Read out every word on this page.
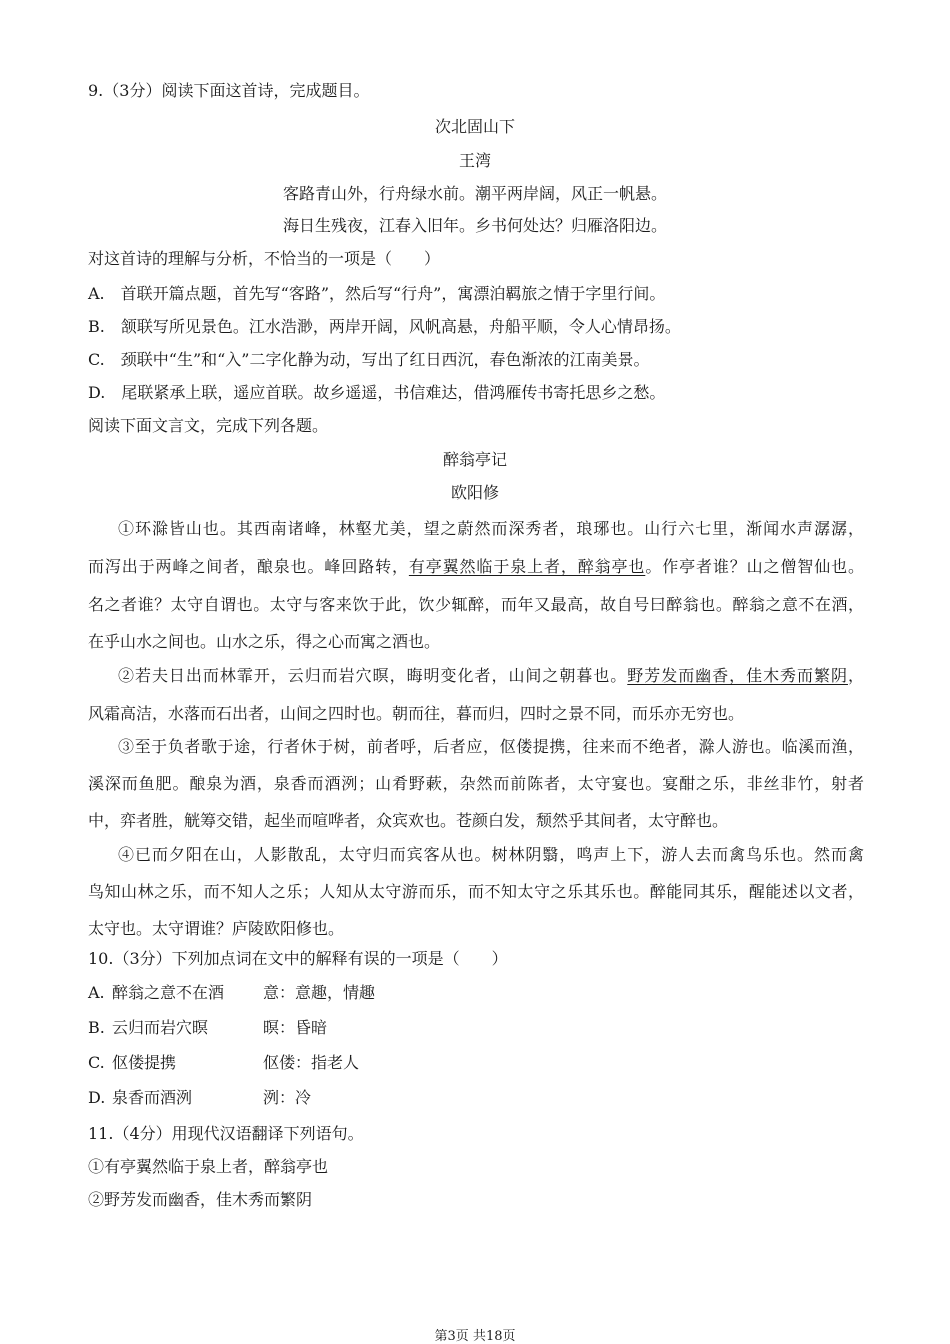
9.（3分）阅读下面这首诗，完成题目。
次北固山下
王湾
客路青山外，行舟绿水前。潮平两岸阔，风正一帆悬。
海日生残夜，江春入旧年。乡书何处达？归雁洛阳边。
对这首诗的理解与分析，不恰当的一项是（　　）
A.　首联开篇点题，首先写“客路”，然后写“行舟”，寓漂泊羁旅之情于字里行间。
B.　颔联写所见景色。江水浩渺，两岸开阔，风帆高悬，舟船平顺，令人心情昂扬。
C.　颈联中“生”和“入”二字化静为动，写出了红日西沉，春色渐浓的江南美景。
D.　尾联紧承上联，遥应首联。故乡遥遥，书信难达，借鸿雁传书寄托思乡之愁。
阅读下面文言文，完成下列各题。
醉翁亭记
欧阳修
①环滁皆山也。其西南诸峰，林壑尤美，望之蔚然而深秀者，琅琊也。山行六七里，渐闻水声潺潺，
而泻出于两峰之间者，酿泉也。峰回路转，有亭翼然临于泉上者，醉翁亭也。作亭者谁？山之僧智仙也。
名之者谁？太守自谓也。太守与客来饮于此，饮少辄醉，而年又最高，故自号曰醉翁也。醉翁之意不在酒，
在乎山水之间也。山水之乐，得之心而寓之酒也。
②若夫日出而林霏开，云归而岩穴暝，晦明变化者，山间之朝暮也。野芳发而幽香，佳木秀而繁阴，
风霜高洁，水落而石出者，山间之四时也。朝而往，暮而归，四时之景不同，而乐亦无穷也。
③至于负者歌于途，行者休于树，前者呼，后者应，伛偻提携，往来而不绝者，滁人游也。临溪而渔，
溪深而鱼肥。酿泉为酒，泉香而酒洌；山肴野蔌，杂然而前陈者，太守宴也。宴酣之乐，非丝非竹，射者
中，弈者胜，觥筹交错，起坐而喧哗者，众宾欢也。苍颜白发，颓然乎其间者，太守醉也。
④已而夕阳在山，人影散乱，太守归而宾客从也。树林阴翳，鸣声上下，游人去而禽鸟乐也。然而禽
鸟知山林之乐，而不知人之乐；人知从太守游而乐，而不知太守之乐其乐也。醉能同其乐，醒能述以文者，
太守也。太守谓谁？庐陵欧阳修也。
10.（3分）下列加点词在文中的解释有误的一项是（　　）
A. 醉翁之意不在酒 意：意趣，情趣
B. 云归而岩穴暝	暝：昏暗
C. 伛偻提携	伛偻：指老人
D. 泉香而酒洌	洌：冷
11.（4分）用现代汉语翻译下列语句。
①有亭翼然临于泉上者，醉翁亭也
②野芳发而幽香，佳木秀而繁阴
第3页 共18页
